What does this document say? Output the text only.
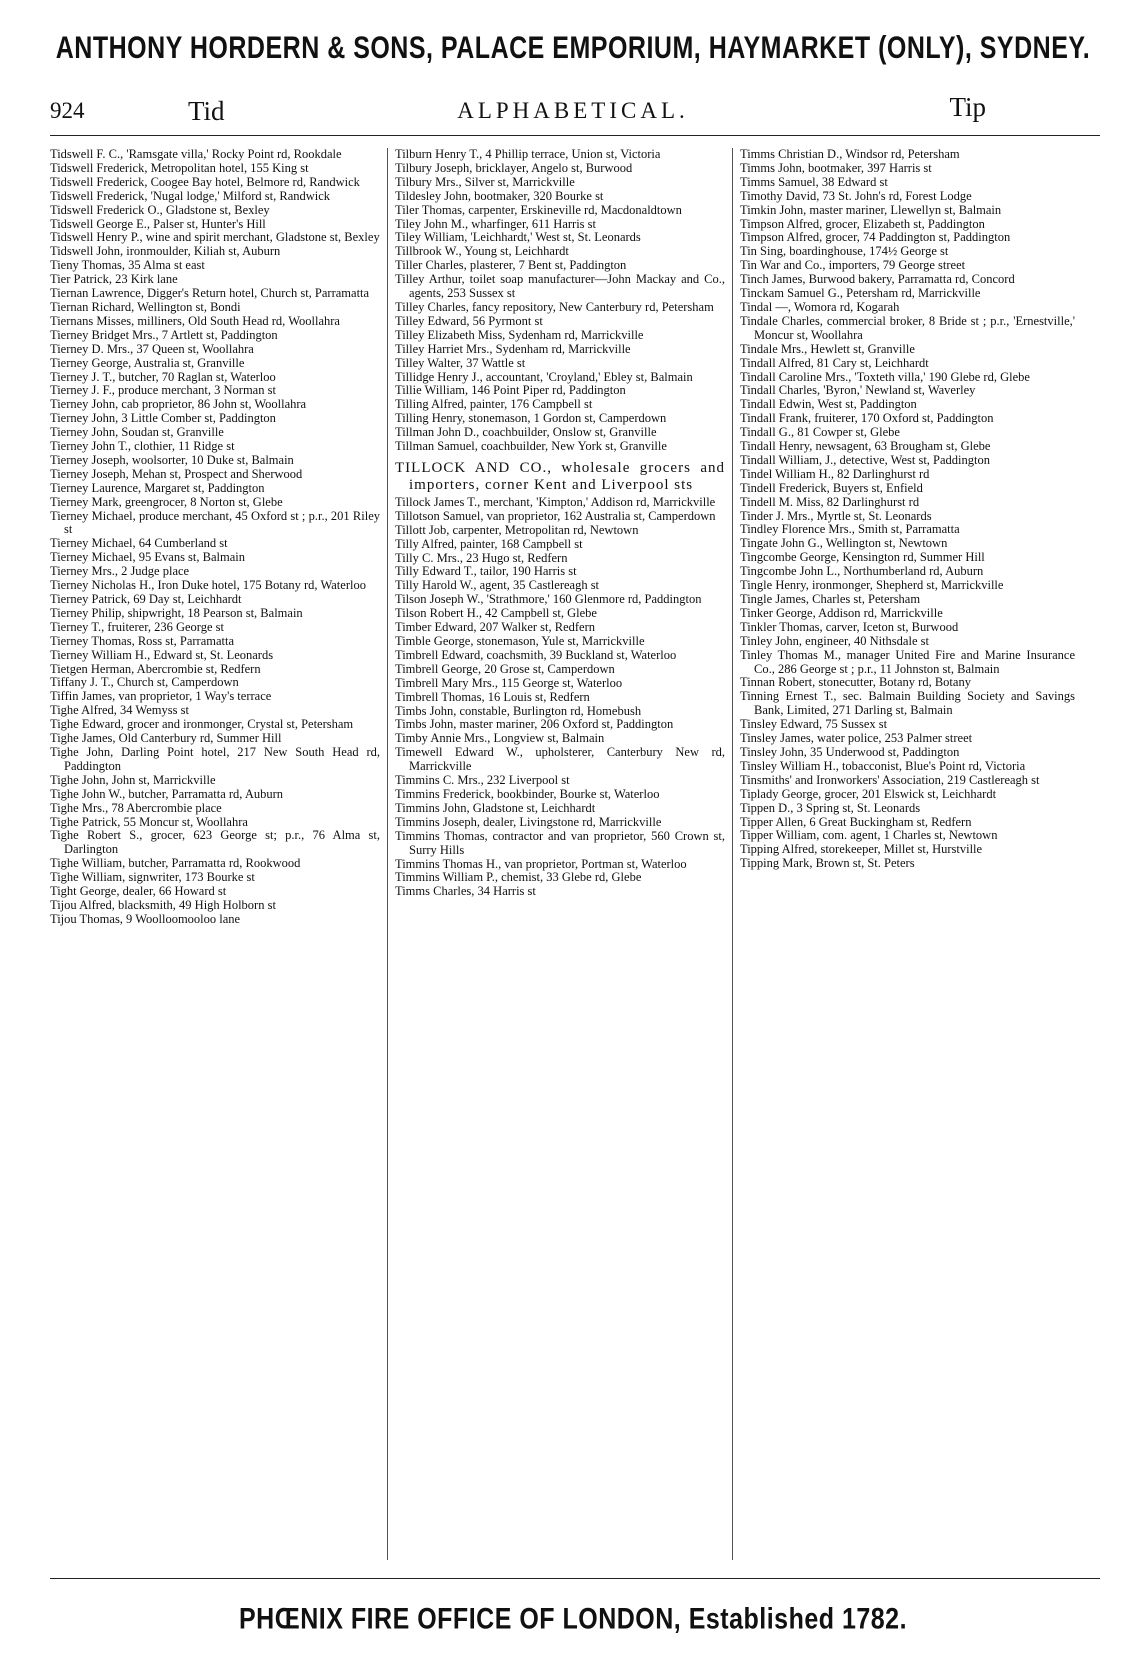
ANTHONY HORDERN & SONS, PALACE EMPORIUM, HAYMARKET (ONLY), SYDNEY.
924	Tid	ALPHABETICAL.	Tip

Tidswell F. C., 'Ramsgate villa,' Rocky Point rd, Rookdale

Tidswell Frederick, Metropolitan hotel, 155 King st

Tidswell Frederick, Coogee Bay hotel, Belmore rd, Randwick

Tidswell Frederick, 'Nugal lodge,' Milford st, Randwick

Tidswell Frederick O., Gladstone st, Bexley

Tidswell George E., Palser st, Hunter's Hill

Tidswell Henry P., wine and spirit merchant, Gladstone st, Bexley

Tidswell John, ironmoulder, Kiliah st, Auburn

Tieny Thomas, 35 Alma st east

Tier Patrick, 23 Kirk lane

Tiernan Lawrence, Digger's Return hotel, Church st, Parramatta

Tiernan Richard, Wellington st, Bondi

Tiernans Misses, milliners, Old South Head rd, Woollahra

Tierney Bridget Mrs., 7 Artlett st, Paddington

Tierney D. Mrs., 37 Queen st, Woollahra

Tierney George, Australia st, Granville

Tierney J. T., butcher, 70 Raglan st, Waterloo

Tierney J. F., produce merchant, 3 Norman st

Tierney John, cab proprietor, 86 John st, Woollahra

Tierney John, 3 Little Comber st, Paddington

Tierney John, Soudan st, Granville

Tierney John T., clothier, 11 Ridge st

Tierney Joseph, woolsorter, 10 Duke st, Balmain

Tierney Joseph, Mehan st, Prospect and Sherwood

Tierney Laurence, Margaret st, Paddington

Tierney Mark, greengrocer, 8 Norton st, Glebe

Tierney Michael, produce merchant, 45 Oxford st ; p.r., 201 Riley st

Tierney Michael, 64 Cumberland st

Tierney Michael, 95 Evans st, Balmain

Tierney Mrs., 2 Judge place

Tierney Nicholas H., Iron Duke hotel, 175 Botany rd, Waterloo

Tierney Patrick, 69 Day st, Leichhardt

Tierney Philip, shipwright, 18 Pearson st, Balmain

Tierney T., fruiterer, 236 George st

Tierney Thomas, Ross st, Parramatta

Tierney William H., Edward st, St. Leonards

Tietgen Herman, Abercrombie st, Redfern

Tiffany J. T., Church st, Camperdown

Tiffin James, van proprietor, 1 Way's terrace

Tighe Alfred, 34 Wemyss st

Tighe Edward, grocer and ironmonger, Crystal st, Petersham

Tighe James, Old Canterbury rd, Summer Hill

Tighe John, Darling Point hotel, 217 New South Head rd, Paddington

Tighe John, John st, Marrickville

Tighe John W., butcher, Parramatta rd, Auburn

Tighe Mrs., 78 Abercrombie place

Tighe Patrick, 55 Moncur st, Woollahra

Tighe Robert S., grocer, 623 George st; p.r., 76 Alma st, Darlington

Tighe William, butcher, Parramatta rd, Rookwood

Tighe William, signwriter, 173 Bourke st

Tight George, dealer, 66 Howard st

Tijou Alfred, blacksmith, 49 High Holborn st

Tijou Thomas, 9 Woolloomooloo lane

Tilburn Henry T., 4 Phillip terrace, Union st, Victoria

Tilbury Joseph, bricklayer, Angelo st, Burwood

Tilbury Mrs., Silver st, Marrickville

Tildesley John, bootmaker, 320 Bourke st

Tiler Thomas, carpenter, Erskineville rd, Macdonaldtown

Tiley John M., wharfinger, 611 Harris st

Tiley William, 'Leichhardt,' West st, St. Leonards

Tillbrook W., Young st, Leichhardt

Tiller Charles, plasterer, 7 Bent st, Paddington

Tilley Arthur, toilet soap manufacturer—John Mackay and Co., agents, 253 Sussex st

Tilley Charles, fancy repository, New Canterbury rd, Petersham

Tilley Edward, 56 Pyrmont st

Tilley Elizabeth Miss, Sydenham rd, Marrickville

Tilley Harriet Mrs., Sydenham rd, Marrickville

Tilley Walter, 37 Wattle st

Tillidge Henry J., accountant, 'Croyland,' Ebley st, Balmain

Tillie William, 146 Point Piper rd, Paddington

Tilling Alfred, painter, 176 Campbell st

Tilling Henry, stonemason, 1 Gordon st, Camperdown

Tillman John D., coachbuilder, Onslow st, Granville

Tillman Samuel, coachbuilder, New York st, Granville

TILLOCK AND CO., wholesale grocers and importers, corner Kent and Liverpool sts

Tillock James T., merchant, 'Kimpton,' Addison rd, Marrickville

Tillotson Samuel, van proprietor, 162 Australia st, Camperdown

Tillott Job, carpenter, Metropolitan rd, Newtown

Tilly Alfred, painter, 168 Campbell st

Tilly C. Mrs., 23 Hugo st, Redfern

Tilly Edward T., tailor, 190 Harris st

Tilly Harold W., agent, 35 Castlereagh st

Tilson Joseph W., 'Strathmore,' 160 Glenmore rd, Paddington

Tilson Robert H., 42 Campbell st, Glebe

Timber Edward, 207 Walker st, Redfern

Timble George, stonemason, Yule st, Marrickville

Timbrell Edward, coachsmith, 39 Buckland st, Waterloo

Timbrell George, 20 Grose st, Camperdown

Timbrell Mary Mrs., 115 George st, Waterloo

Timbrell Thomas, 16 Louis st, Redfern

Timbs John, constable, Burlington rd, Homebush

Timbs John, master mariner, 206 Oxford st, Paddington

Timby Annie Mrs., Longview st, Balmain

Timewell Edward W., upholsterer, Canterbury New rd, Marrickville

Timmins C. Mrs., 232 Liverpool st

Timmins Frederick, bookbinder, Bourke st, Waterloo

Timmins John, Gladstone st, Leichhardt

Timmins Joseph, dealer, Livingstone rd, Marrickville

Timmins Thomas, contractor and van proprietor, 560 Crown st, Surry Hills

Timmins Thomas H., van proprietor, Portman st, Waterloo

Timmins William P., chemist, 33 Glebe rd, Glebe

Timms Charles, 34 Harris st

Timms Christian D., Windsor rd, Petersham

Timms John, bootmaker, 397 Harris st

Timms Samuel, 38 Edward st

Timothy David, 73 St. John's rd, Forest Lodge

Timkin John, master mariner, Llewellyn st, Balmain

Timpson Alfred, grocer, Elizabeth st, Paddington

Timpson Alfred, grocer, 74 Paddington st, Paddington

Tin Sing, boardinghouse, 174½ George st

Tin War and Co., importers, 79 George street

Tinch James, Burwood bakery, Parramatta rd, Concord

Tinckam Samuel G., Petersham rd, Marrickville

Tindal —, Womora rd, Kogarah

Tindale Charles, commercial broker, 8 Bride st ; p.r., 'Ernestville,' Moncur st, Woollahra

Tindale Mrs., Hewlett st, Granville

Tindall Alfred, 81 Cary st, Leichhardt

Tindall Caroline Mrs., 'Toxteth villa,' 190 Glebe rd, Glebe

Tindall Charles, 'Byron,' Newland st, Waverley

Tindall Edwin, West st, Paddington

Tindall Frank, fruiterer, 170 Oxford st, Paddington

Tindall G., 81 Cowper st, Glebe

Tindall Henry, newsagent, 63 Brougham st, Glebe

Tindall William, J., detective, West st, Paddington

Tindel William H., 82 Darlinghurst rd

Tindell Frederick, Buyers st, Enfield

Tindell M. Miss, 82 Darlinghurst rd

Tinder J. Mrs., Myrtle st, St. Leonards

Tindley Florence Mrs., Smith st, Parramatta

Tingate John G., Wellington st, Newtown

Tingcombe George, Kensington rd, Summer Hill

Tingcombe John L., Northumberland rd, Auburn

Tingle Henry, ironmonger, Shepherd st, Marrickville

Tingle James, Charles st, Petersham

Tinker George, Addison rd, Marrickville

Tinkler Thomas, carver, Iceton st, Burwood

Tinley John, engineer, 40 Nithsdale st

Tinley Thomas M., manager United Fire and Marine Insurance Co., 286 George st ; p.r., 11 Johnston st, Balmain

Tinnan Robert, stonecutter, Botany rd, Botany

Tinning Ernest T., sec. Balmain Building Society and Savings Bank, Limited, 271 Darling st, Balmain

Tinsley Edward, 75 Sussex st

Tinsley James, water police, 253 Palmer street

Tinsley John, 35 Underwood st, Paddington

Tinsley William H., tobacconist, Blue's Point rd, Victoria

Tinsmiths' and Ironworkers' Association, 219 Castlereagh st

Tiplady George, grocer, 201 Elswick st, Leichhardt

Tippen D., 3 Spring st, St. Leonards

Tipper Allen, 6 Great Buckingham st, Redfern

Tipper William, com. agent, 1 Charles st, Newtown

Tipping Alfred, storekeeper, Millet st, Hurstville

Tipping Mark, Brown st, St. Peters

PHŒNIX FIRE OFFICE OF LONDON, Established 1782.
